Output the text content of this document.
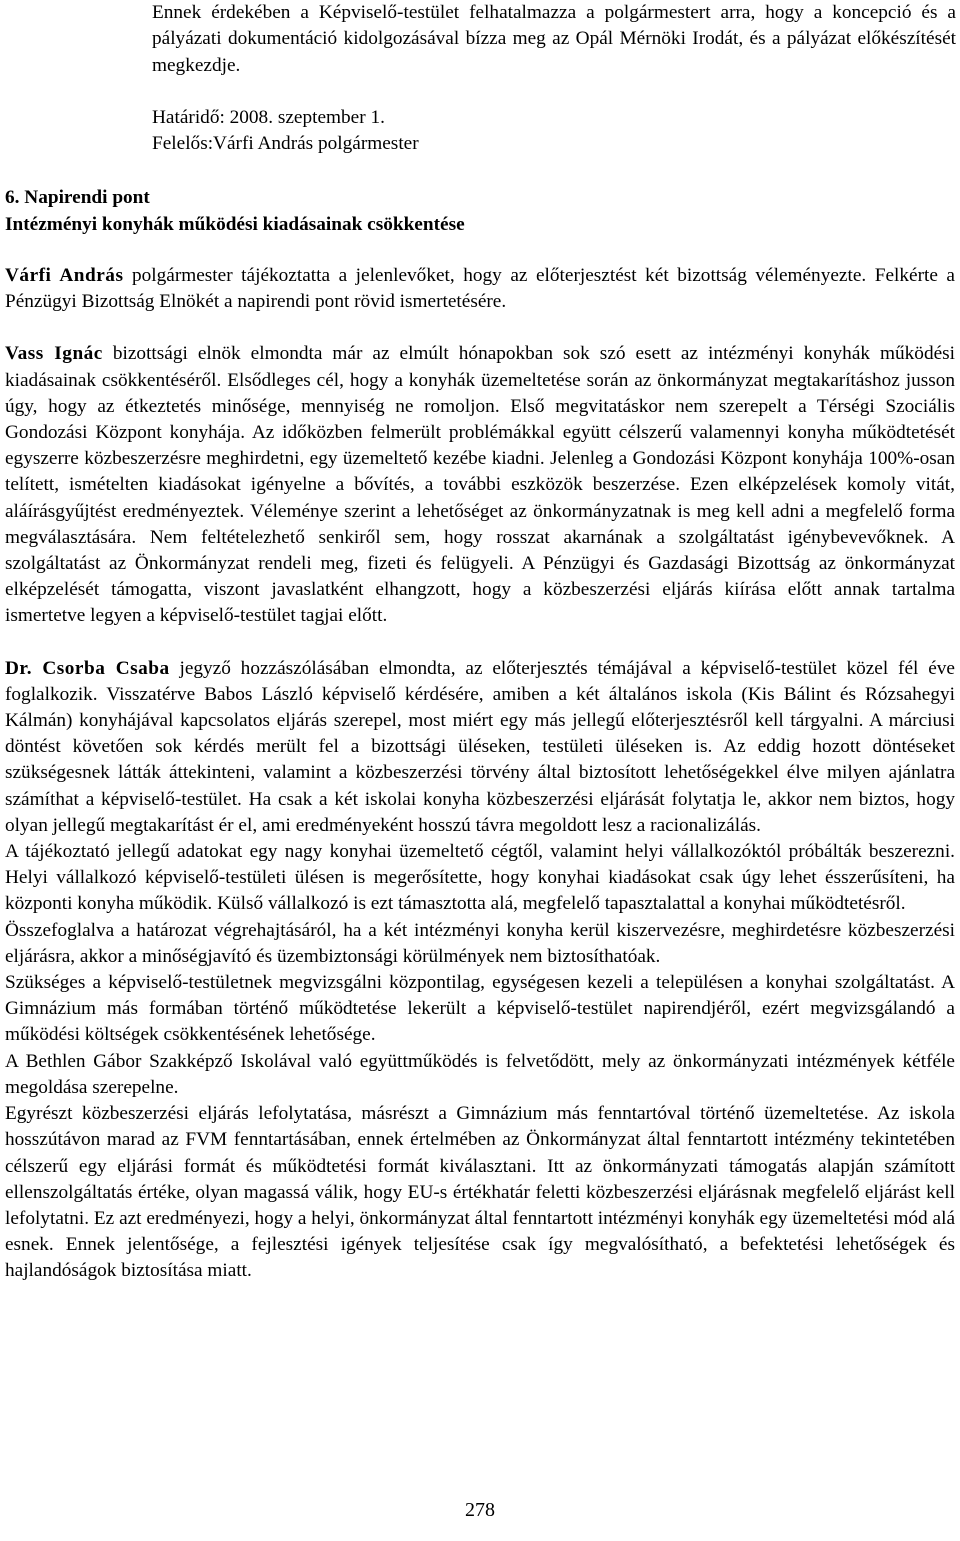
Ennek érdekében a Képviselő-testület felhatalmazza a polgármestert arra, hogy a koncepció és a pályázati dokumentáció kidolgozásával bízza meg az Opál Mérnöki Irodát, és a pályázat előkészítését megkezdje.
Határidő: 2008. szeptember 1.
Felelős:Várfi András polgármester
6. Napirendi pont
Intézményi konyhák működési kiadásainak csökkentése

Várfi András polgármester tájékoztatta a jelenlevőket, hogy az előterjesztést két bizottság véleményezte. Felkérte a Pénzügyi Bizottság Elnökét a napirendi pont rövid ismertetésére.

Vass Ignác bizottsági elnök elmondta már az elmúlt hónapokban sok szó esett az intézményi konyhák működési kiadásainak csökkentéséről. Elsődleges cél, hogy a konyhák üzemeltetése során az önkormányzat megtakarításhoz jusson úgy, hogy az étkeztetés minősége, mennyiség ne romoljon. Első megvitatáskor nem szerepelt a Térségi Szociális Gondozási Központ konyhája. Az időközben felmerült problémákkal együtt célszerű valamennyi konyha működtetését egyszerre közbeszerzésre meghirdetni, egy üzemeltető kezébe kiadni. Jelenleg a Gondozási Központ konyhája 100%-osan telített, ismételten kiadásokat igényelne a bővítés, a további eszközök beszerzése. Ezen elképzelések komoly vitát, aláírásgyűjtést eredményeztek. Véleménye szerint a lehetőséget az önkormányzatnak is meg kell adni a megfelelő forma megválasztására. Nem feltételezhető senkiről sem, hogy rosszat akarnának a szolgáltatást igénybevevőknek. A szolgáltatást az Önkormányzat rendeli meg, fizeti és felügyeli. A Pénzügyi és Gazdasági Bizottság az önkormányzat elképzelését támogatta, viszont javaslatként elhangzott, hogy a közbeszerzési eljárás kiírása előtt annak tartalma ismertetve legyen a képviselő-testület tagjai előtt.

Dr. Csorba Csaba jegyző hozzászólásában elmondta, az előterjesztés témájával a képviselő-testület közel fél éve foglalkozik. Visszatérve Babos László képviselő kérdésére, amiben a két általános iskola (Kis Bálint és Rózsahegyi Kálmán) konyhájával kapcsolatos eljárás szerepel, most miért egy más jellegű előterjesztésről kell tárgyalni. A márciusi döntést követően sok kérdés merült fel a bizottsági üléseken, testületi üléseken is. Az eddig hozott döntéseket szükségesnek látták áttekinteni, valamint a közbeszerzési törvény által biztosított lehetőségekkel élve milyen ajánlatra számíthat a képviselő-testület. Ha csak a két iskolai konyha közbeszerzési eljárását folytatja le, akkor nem biztos, hogy olyan jellegű megtakarítást ér el, ami eredményeként hosszú távra megoldott lesz a racionalizálás.

A tájékoztató jellegű adatokat egy nagy konyhai üzemeltető cégtől, valamint helyi vállalkozóktól próbálták beszerezni. Helyi vállalkozó képviselő-testületi ülésen is megerősítette, hogy konyhai kiadásokat csak úgy lehet ésszerűsíteni, ha központi konyha működik. Külső vállalkozó is ezt támasztotta alá, megfelelő tapasztalattal a konyhai működtetésről.

Összefoglalva a határozat végrehajtásáról, ha a két intézményi konyha kerül kiszervezésre, meghirdetésre közbeszerzési eljárásra, akkor a minőségjavító és üzembiztonsági körülmények nem biztosíthatóak.

Szükséges a képviselő-testületnek megvizsgálni központilag, egységesen kezeli a településen a konyhai szolgáltatást. A Gimnázium más formában történő működtetése lekerült a képviselő-testület napirendjéről, ezért megvizsgálandó a működési költségek csökkentésének lehetősége.

A Bethlen Gábor Szakképző Iskolával való együttműködés is felvetődött, mely az önkormányzati intézmények kétféle megoldása szerepelne.

Egyrészt közbeszerzési eljárás lefolytatása, másrészt a Gimnázium más fenntartóval történő üzemeltetése. Az iskola hosszútávon marad az FVM fenntartásában, ennek értelmében az Önkormányzat által fenntartott intézmény tekintetében célszerű egy eljárási formát és működtetési formát kiválasztani. Itt az önkormányzati támogatás alapján számított ellenszolgáltatás értéke, olyan magassá válik, hogy EU-s értékhatár feletti közbeszerzési eljárásnak megfelelő eljárást kell lefolytatni. Ez azt eredményezi, hogy a helyi, önkormányzat által fenntartott intézményi konyhák egy üzemeltetési mód alá esnek. Ennek jelentősége, a fejlesztési igények teljesítése csak így megvalósítható, a befektetési lehetőségek és hajlandóságok biztosítása miatt.

278
